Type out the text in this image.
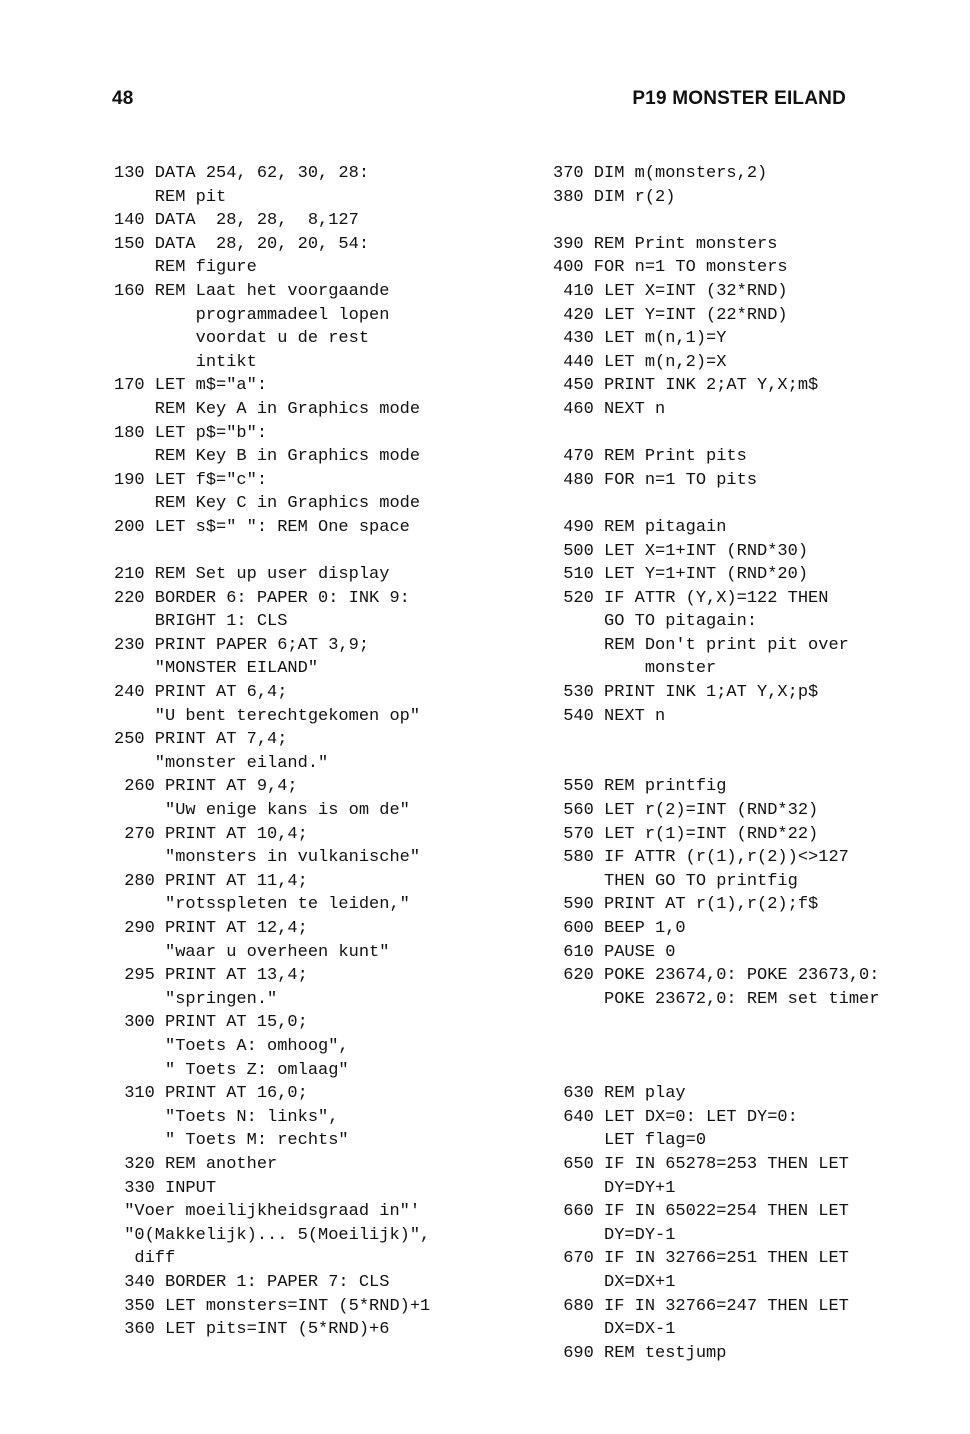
48	P19 MONSTER EILAND
130 DATA 254, 62, 30, 28:
REM pit
140 DATA  28, 28,  8,127
150 DATA  28, 20, 20, 54:
REM figure
160 REM Laat het voorgaande
programmadeel lopen
voordat u de rest
intikt
170 LET m$="a":
REM Key A in Graphics mode
180 LET p$="b":
REM Key B in Graphics mode
190 LET f$="c":
REM Key C in Graphics mode
200 LET s$=" ": REM One space
210 REM Set up user display
220 BORDER 6: PAPER 0: INK 9:
BRIGHT 1: CLS
230 PRINT PAPER 6;AT 3,9;
"MONSTER EILAND"
240 PRINT AT 6,4;
"U bent terechtgekomen op"
250 PRINT AT 7,4;
"monster eiland."
260 PRINT AT 9,4;
"Uw enige kans is om de"
270 PRINT AT 10,4;
"monsters in vulkanische"
280 PRINT AT 11,4;
"rotsspleten te leiden,"
290 PRINT AT 12,4;
"waar u overheen kunt"
295 PRINT AT 13,4;
"springen."
300 PRINT AT 15,0;
"Toets A: omhoog",
" Toets Z: omlaag"
310 PRINT AT 16,0;
"Toets N: links",
" Toets M: rechts"
320 REM another
330 INPUT
"Voer moeilijkheidsgraad in"'
"0(Makkelijk)... 5(Moeilijk)",
diff
340 BORDER 1: PAPER 7: CLS
350 LET monsters=INT (5*RND)+1
360 LET pits=INT (5*RND)+6
370 DIM m(monsters,2)
380 DIM r(2)
390 REM Print monsters
400 FOR n=1 TO monsters
410 LET X=INT (32*RND)
420 LET Y=INT (22*RND)
430 LET m(n,1)=Y
440 LET m(n,2)=X
450 PRINT INK 2;AT Y,X;m$
460 NEXT n
470 REM Print pits
480 FOR n=1 TO pits
490 REM pitagain
500 LET X=1+INT (RND*30)
510 LET Y=1+INT (RND*20)
520 IF ATTR (Y,X)=122 THEN
GO TO pitagain:
REM Don't print pit over
monster
530 PRINT INK 1;AT Y,X;p$
540 NEXT n
550 REM printfig
560 LET r(2)=INT (RND*32)
570 LET r(1)=INT (RND*22)
580 IF ATTR (r(1),r(2))<>127
THEN GO TO printfig
590 PRINT AT r(1),r(2);f$
600 BEEP 1,0
610 PAUSE 0
620 POKE 23674,0: POKE 23673,0:
POKE 23672,0: REM set timer
630 REM play
640 LET DX=0: LET DY=0:
LET flag=0
650 IF IN 65278=253 THEN LET
DY=DY+1
660 IF IN 65022=254 THEN LET
DY=DY-1
670 IF IN 32766=251 THEN LET
DX=DX+1
680 IF IN 32766=247 THEN LET
DX=DX-1
690 REM testjump
